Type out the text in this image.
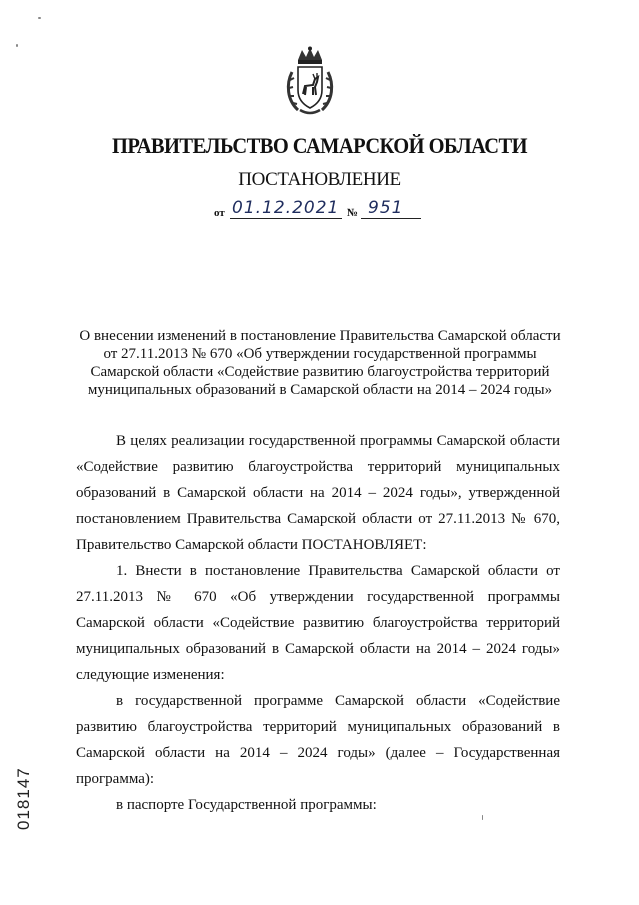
ПРАВИТЕЛЬСТВО САМАРСКОЙ ОБЛАСТИ
ПОСТАНОВЛЕНИЕ
от 01.12.2021 № 951
О внесении изменений в постановление Правительства Самарской области
от 27.11.2013 № 670 «Об утверждении государственной программы
Самарской области «Содействие развитию благоустройства территорий
муниципальных образований в Самарской области на 2014 – 2024 годы»

В целях реализации государственной программы Самарской области «Содействие развитию благоустройства территорий муниципальных образований в Самарской области на 2014 – 2024 годы», утвержденной постановлением Правительства Самарской области от 27.11.2013 № 670, Правительство Самарской области ПОСТАНОВЛЯЕТ:

1. Внести в постановление Правительства Самарской области от 27.11.2013 № 670 «Об утверждении государственной программы Самарской области «Содействие развитию благоустройства территорий муниципальных образований в Самарской области на 2014 – 2024 годы» следующие изменения:

в государственной программе Самарской области «Содействие развитию благоустройства территорий муниципальных образований в Самарской области на 2014 – 2024 годы» (далее – Государственная программа):

в паспорте Государственной программы:

018147
